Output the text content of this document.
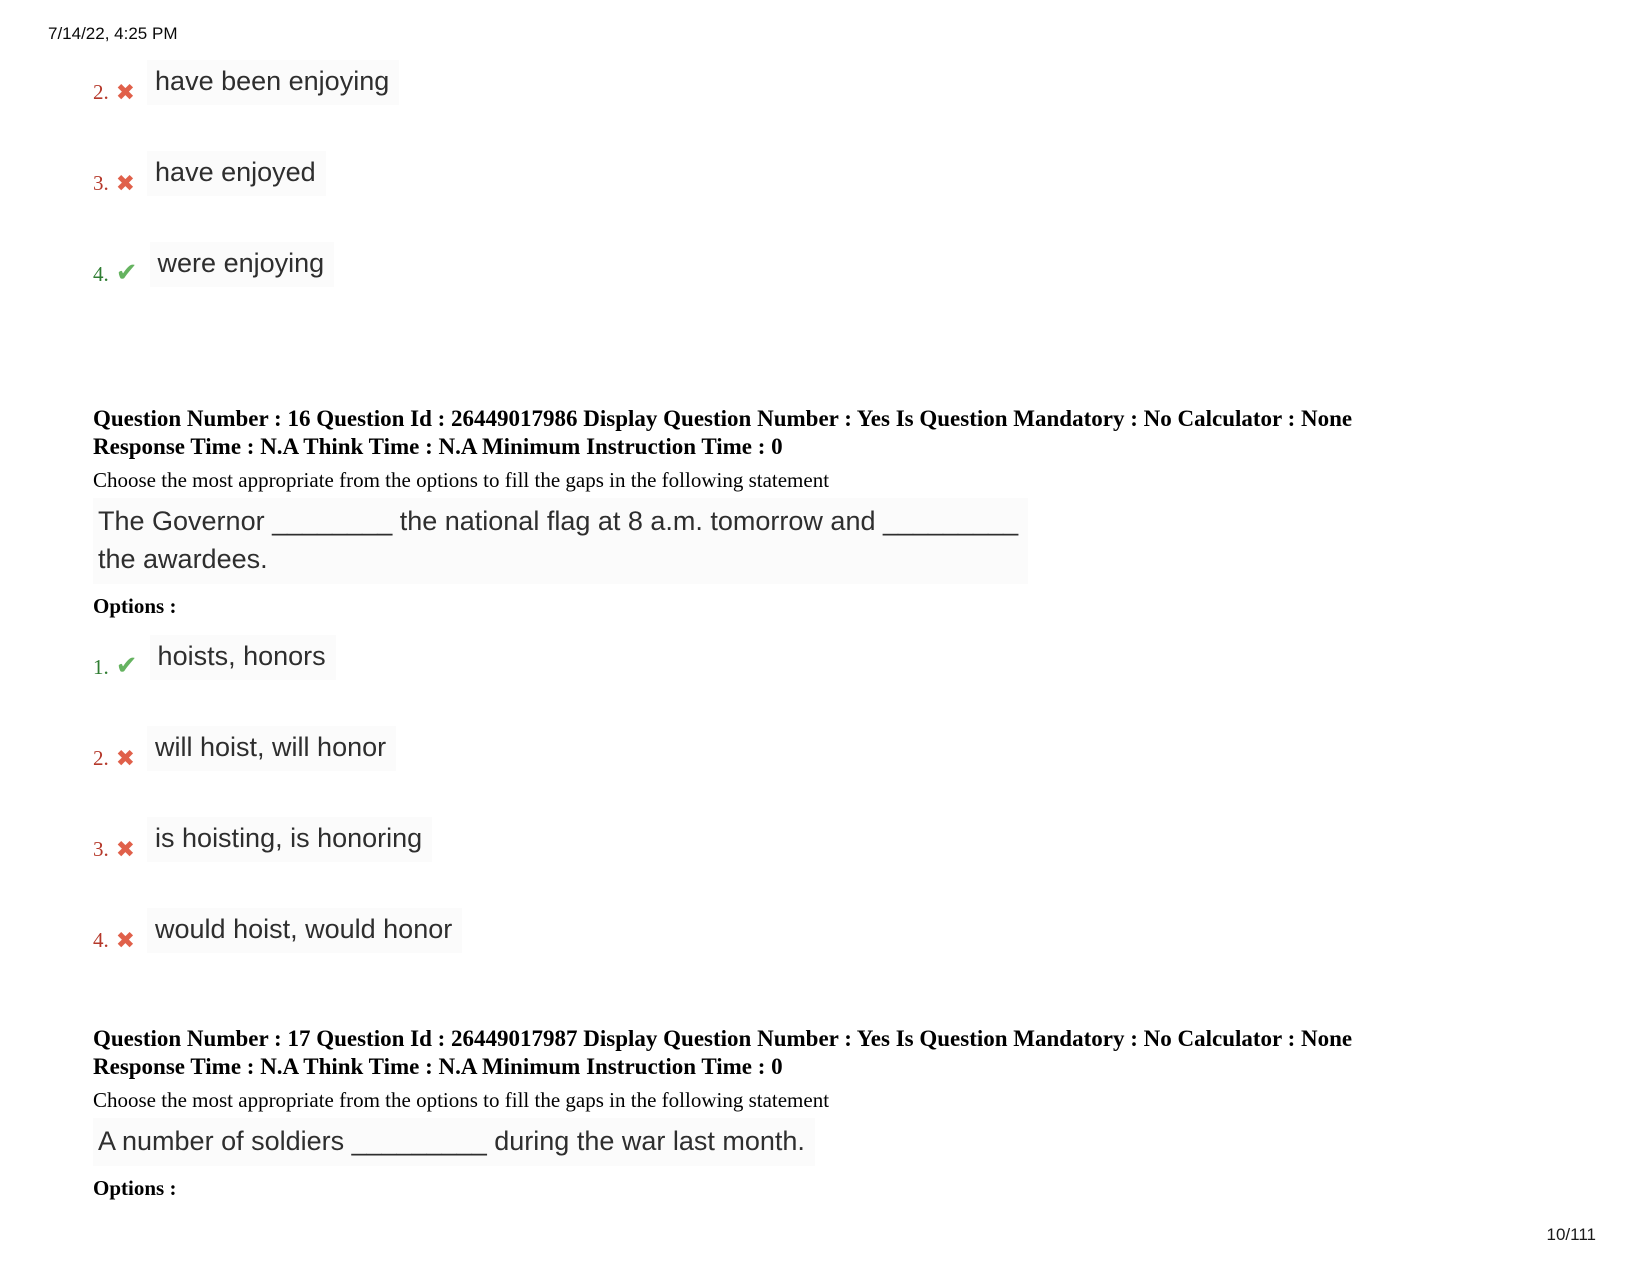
7/14/22, 4:25 PM
2. ✖ have been enjoying
3. ✖ have enjoyed
4. ✔ were enjoying
Question Number : 16 Question Id : 26449017986 Display Question Number : Yes Is Question Mandatory : No Calculator : None
Response Time : N.A Think Time : N.A Minimum Instruction Time : 0
Choose the most appropriate from the options to fill the gaps in the following statement
The Governor ________ the national flag at 8 a.m. tomorrow and _________
the awardees.
Options :
1. ✔ hoists, honors
2. ✖ will hoist, will honor
3. ✖ is hoisting, is honoring
4. ✖ would hoist, would honor
Question Number : 17 Question Id : 26449017987 Display Question Number : Yes Is Question Mandatory : No Calculator : None
Response Time : N.A Think Time : N.A Minimum Instruction Time : 0
Choose the most appropriate from the options to fill the gaps in the following statement
A number of soldiers _________ during the war last month.
Options :
10/111
